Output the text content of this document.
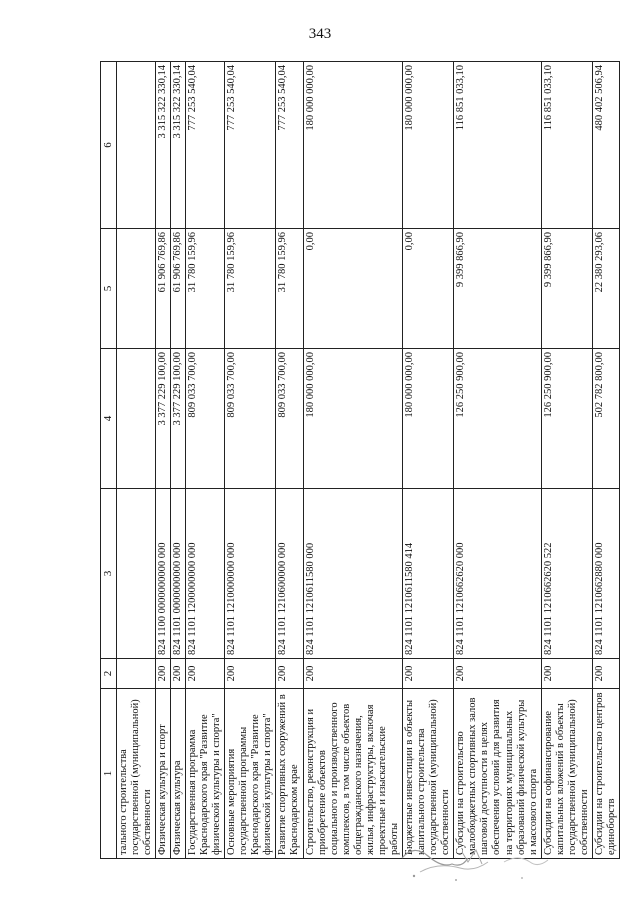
343
1	2	3	4	5	6
тального строительства государственной (муниципальной) собственности					
Физическая культура и спорт	200	824 1100 0000000000 000	3 377 229 100,00	61 906 769,86	3 315 322 330,14
Физическая культура	200	824 1101 0000000000 000	3 377 229 100,00	61 906 769,86	3 315 322 330,14
Государственная программа Краснодарского края "Развитие физической культуры и спорта"	200	824 1101 1200000000 000	809 033 700,00	31 780 159,96	777 253 540,04
Основные мероприятия государственной программы Краснодарского края "Развитие физической культуры и спорта"	200	824 1101 1210000000 000	809 033 700,00	31 780 159,96	777 253 540,04
Развитие спортивных сооружений в Краснодарском крае	200	824 1101 1210600000 000	809 033 700,00	31 780 159,96	777 253 540,04
Строительство, реконструкция и приобретение объектов социального и производственного комплексов, в том числе объектов общегражданского назначения, жилья, инфраструктуры, включая проектные и изыскательские работы	200	824 1101 1210611580 000	180 000 000,00	0,00	180 000 000,00
Бюджетные инвестиции в объекты капитального строительства государственной (муниципальной) собственности	200	824 1101 1210611580 414	180 000 000,00	0,00	180 000 000,00
Субсидии на строительство малобюджетных спортивных залов шаговой доступности в целях обеспечения условий для развития на территориях муниципальных образований физической культуры и массового спорта	200	824 1101 1210662620 000	126 250 900,00	9 399 866,90	116 851 033,10
Субсидии на софинансирование капитальных вложений в объекты государственной (муниципальной) собственности	200	824 1101 1210662620 522	126 250 900,00	9 399 866,90	116 851 033,10
Субсидии на строительство центров единоборств	200	824 1101 1210662880 000	502 782 800,00	22 380 293,06	480 402 506,94
